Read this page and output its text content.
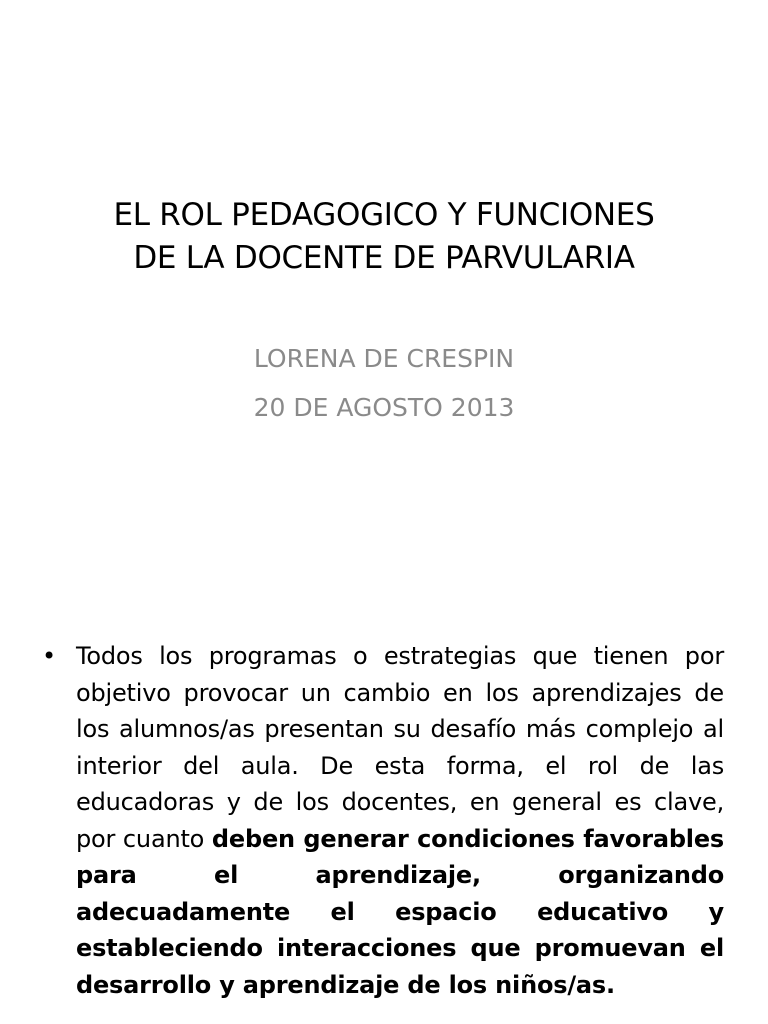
EL ROL PEDAGOGICO Y FUNCIONES
DE LA DOCENTE DE PARVULARIA
LORENA DE CRESPIN
20 DE AGOSTO 2013
• Todos los programas o estrategias que tienen por objetivo provocar un cambio en los aprendizajes de los alumnos/as presentan su desafío más complejo al interior del aula. De esta forma, el rol de las educadoras y de los docentes, en general es clave, por cuanto deben generar condiciones favorables para el aprendizaje, organizando adecuadamente el espacio educativo y estableciendo interacciones que promuevan el desarrollo y aprendizaje de los niños/as.
